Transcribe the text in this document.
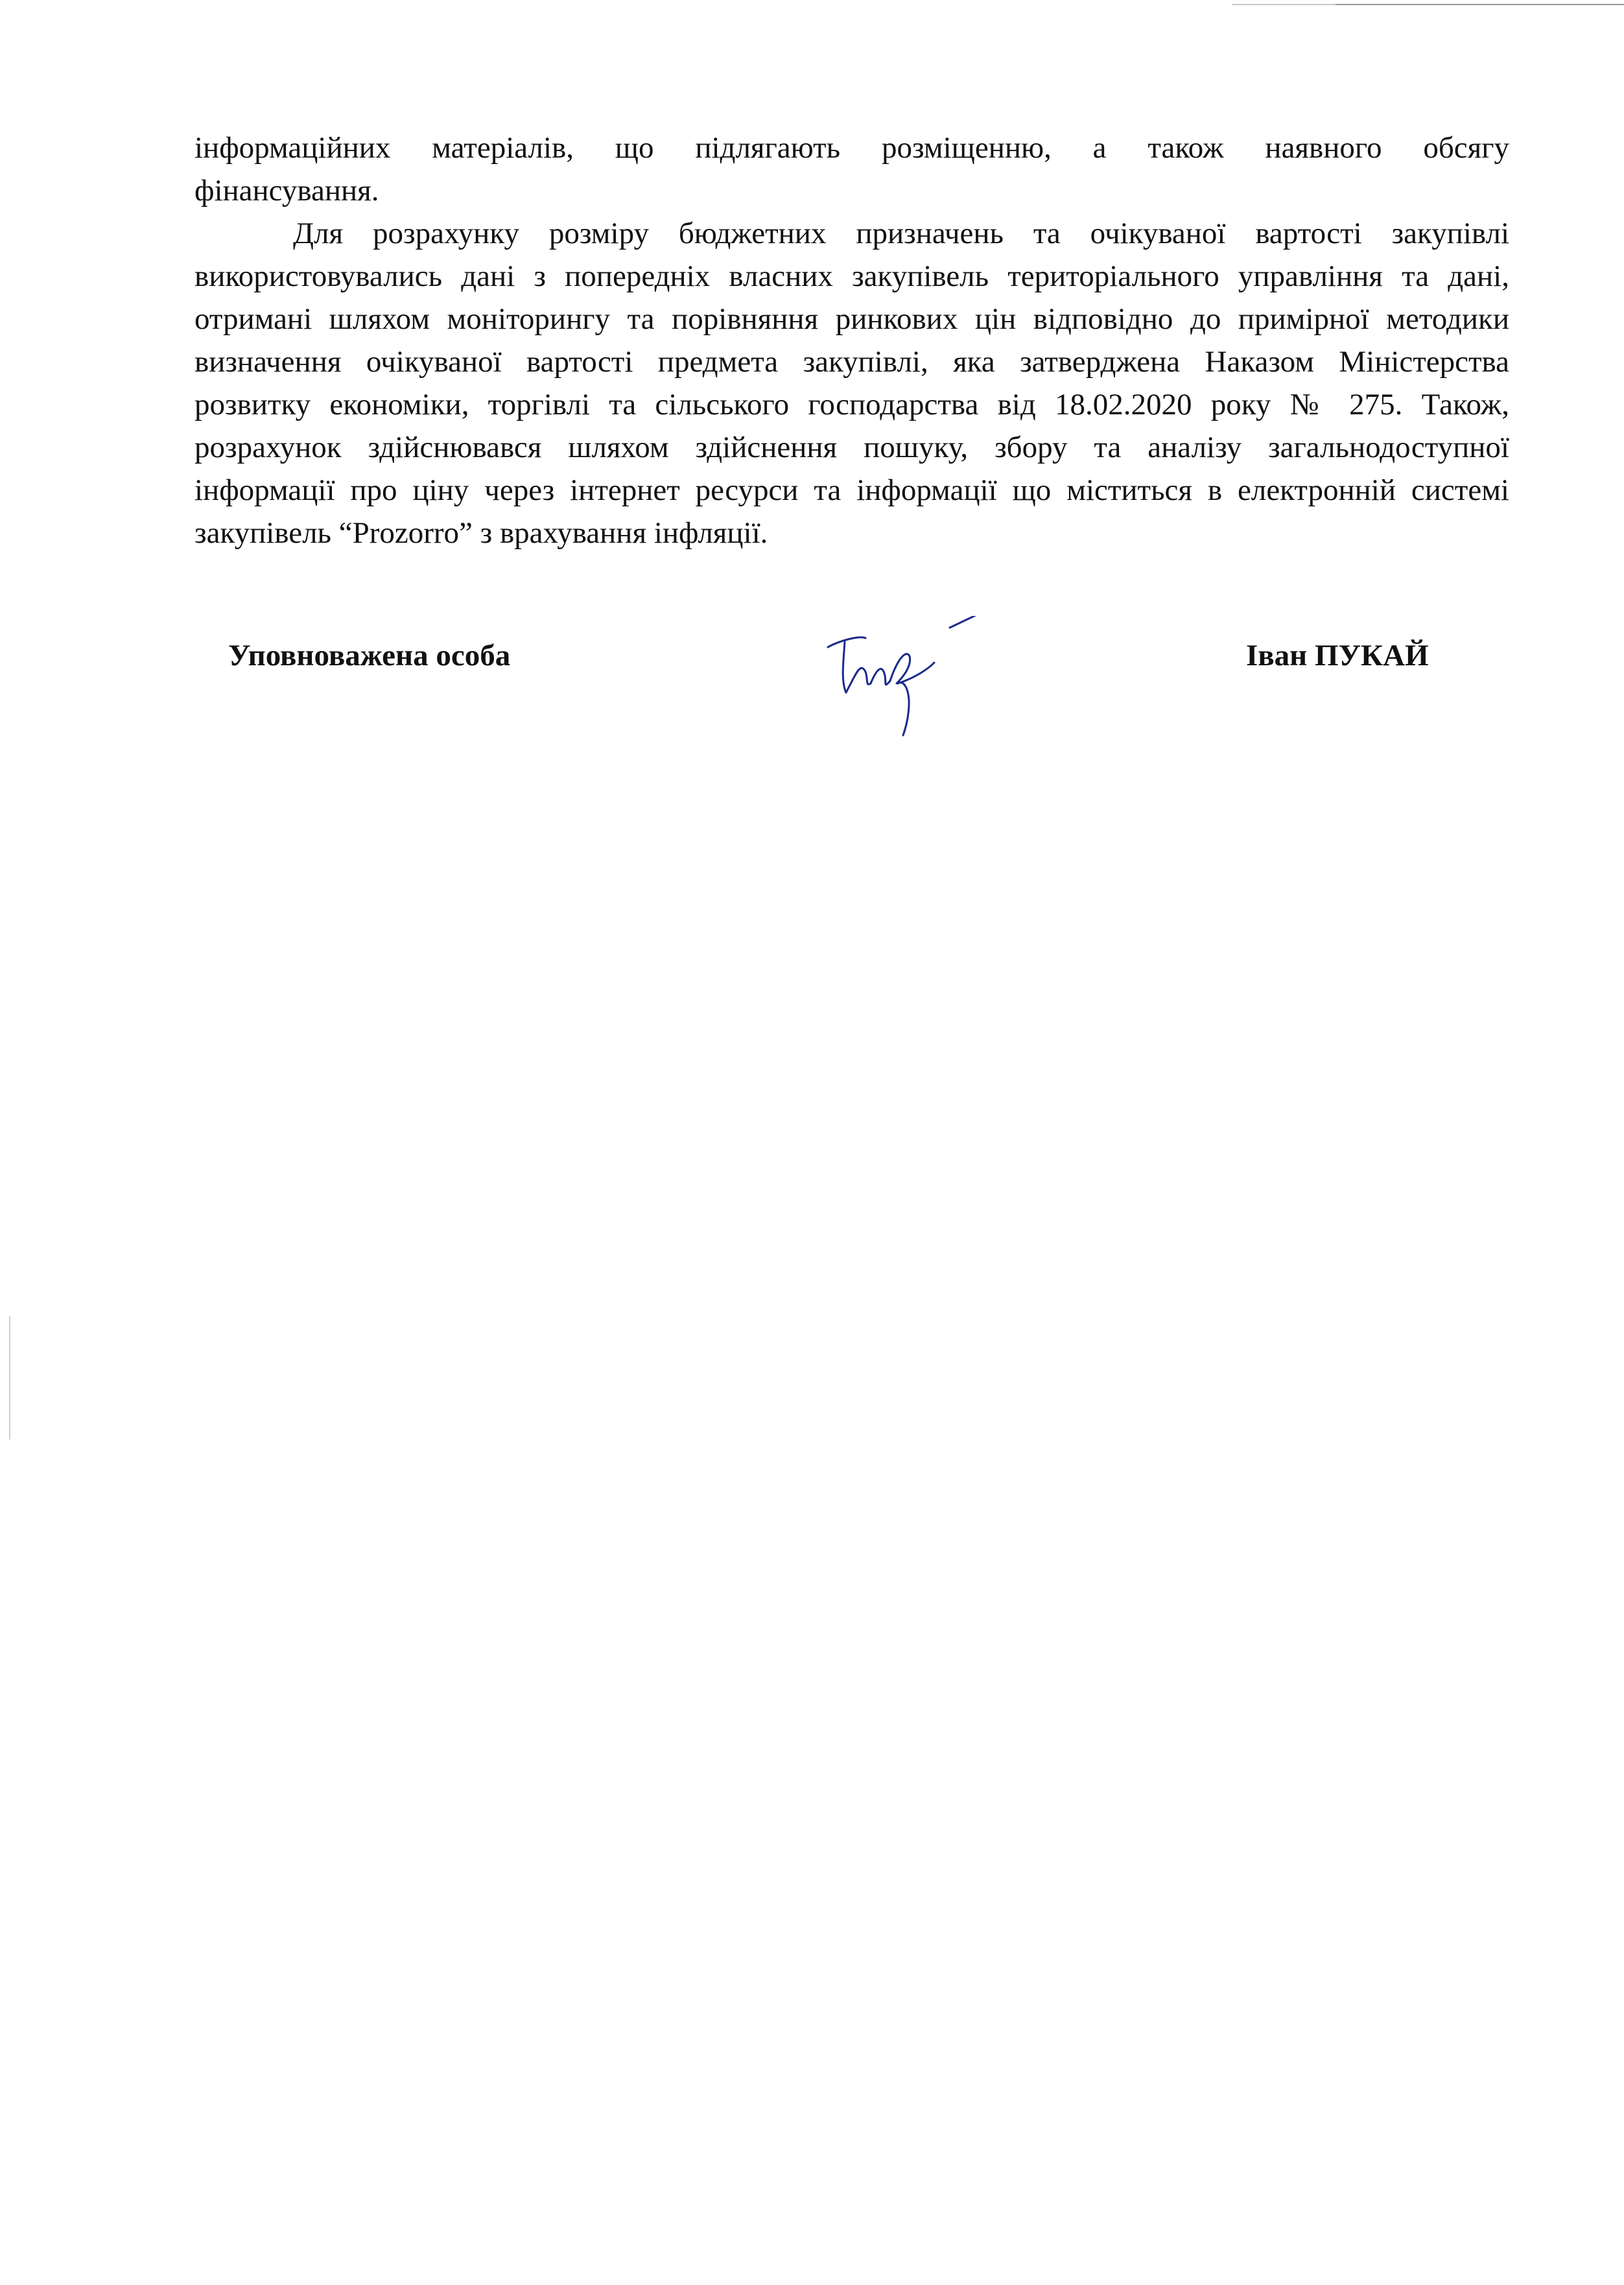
інформаційних матеріалів, що підлягають розміщенню, а також наявного обсягу
фінансування.

Для розрахунку розміру бюджетних призначень та очікуваної вартості закупівлі
використовувались дані з попередніх власних закупівель територіального управління та дані,
отримані шляхом моніторингу та порівняння ринкових цін відповідно до примірної методики
визначення очікуваної вартості предмета закупівлі, яка затверджена Наказом Міністерства
розвитку економіки, торгівлі та сільського господарства від 18.02.2020 року № 275. Також,
розрахунок здійснювався шляхом здійснення пошуку, збору та аналізу загальнодоступної
інформації про ціну через інтернет ресурси та інформації що міститься в електронній системі
закупівель “Prozorro” з врахування інфляції.

Уповноважена особа	Іван ПУКАЙ
